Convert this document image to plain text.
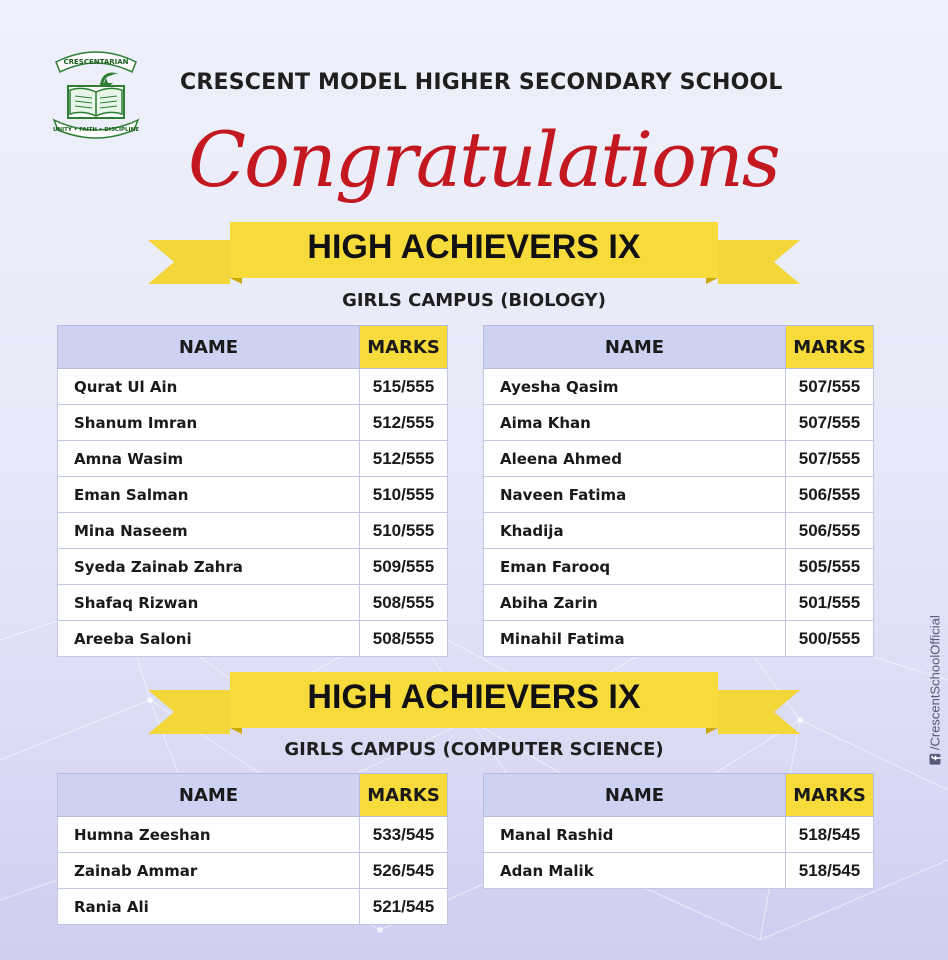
CRESCENTARIAN
UNITY • FAITH • DISCIPLINE
CRESCENT MODEL HIGHER SECONDARY SCHOOL
Congratulations
HIGH ACHIEVERS IX
GIRLS CAMPUS (BIOLOGY)
NAME	MARKS
Qurat Ul Ain	515/555
Shanum Imran	512/555
Amna Wasim	512/555
Eman Salman	510/555
Mina Naseem	510/555
Syeda Zainab Zahra	509/555
Shafaq Rizwan	508/555
Areeba Saloni	508/555
NAME	MARKS
Ayesha Qasim	507/555
Aima Khan	507/555
Aleena Ahmed	507/555
Naveen Fatima	506/555
Khadija	506/555
Eman Farooq	505/555
Abiha Zarin	501/555
Minahil Fatima	500/555
HIGH ACHIEVERS IX
GIRLS CAMPUS (COMPUTER SCIENCE)
NAME	MARKS
Humna Zeeshan	533/545
Zainab Ammar	526/545
Rania Ali	521/545
NAME	MARKS
Manal Rashid	518/545
Adan Malik	518/545
/CrescentSchoolOfficial
